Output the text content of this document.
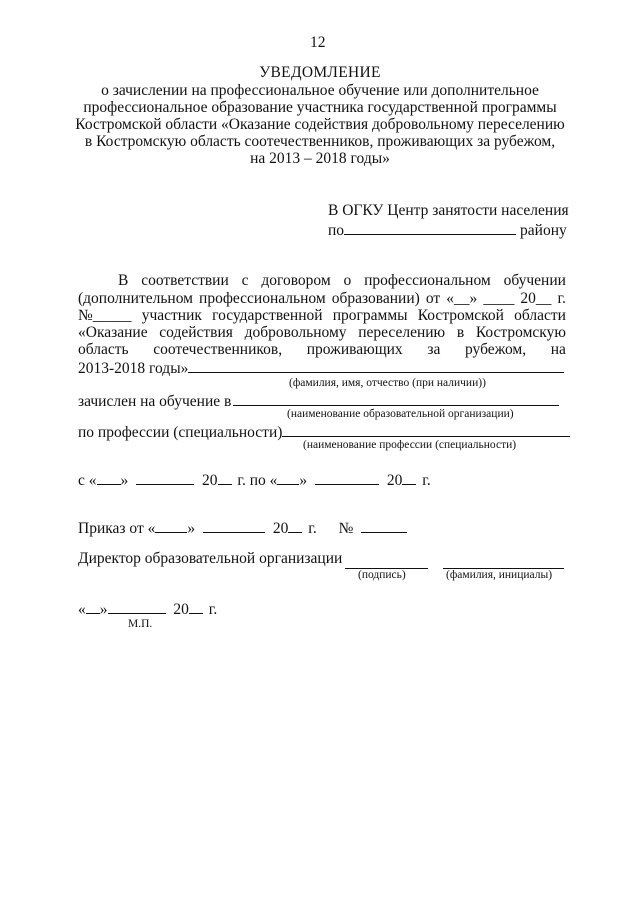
12
УВЕДОМЛЕНИЕ
о зачислении на профессиональное обучение или дополнительное
профессиональное образование участника государственной программы
Костромской области «Оказание содействия добровольному переселению
в Костромскую область соотечественников, проживающих за рубежом,
на 2013 – 2018 годы»
В ОГКУ Центр занятости населения
по	району
В соответствии с договором о профессиональном обучении
(дополнительном профессиональном образовании) от «__» ____ 20__ г.
№_____ участник государственной программы Костромской области
«Оказание содействия добровольному переселению в Костромскую
область соотечественников, проживающих за рубежом, на
2013-2018 годы»
(фамилия, имя, отчество (при наличии))
зачислен на обучение в
(наименование образовательной организации)
по профессии (специальности)
(наименование профессии (специальности)
с « »	20 г. по « »	20 г.
Приказ от « »	20 г. №
Директор образовательной организации
(подпись)	(фамилия, инициалы)
« »	20 г.
М.П.
